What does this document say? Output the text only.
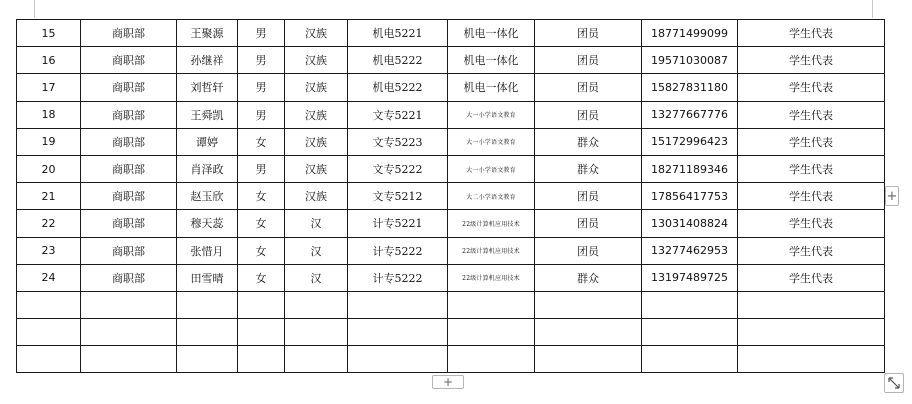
15	商职部	王聚源	男	汉族	机电5221	机电一体化	团员	18771499099	学生代表
16	商职部	孙继祥	男	汉族	机电5222	机电一体化	团员	19571030087	学生代表
17	商职部	刘哲轩	男	汉族	机电5222	机电一体化	团员	15827831180	学生代表
18	商职部	王舜凯	男	汉族	文专5221	大一小学语文教育	团员	13277667776	学生代表
19	商职部	谭婷	女	汉族	文专5223	大一小学语文教育	群众	15172996423	学生代表
20	商职部	肖泽政	男	汉族	文专5222	大一小学语文教育	群众	18271189346	学生代表
21	商职部	赵玉欣	女	汉族	文专5212	大二小学语文教育	团员	17856417753	学生代表
22	商职部	穆天蕊	女	汉	计专5221	22级计算机应用技术	团员	13031408824	学生代表
23	商职部	张惜月	女	汉	计专5222	22级计算机应用技术	团员	13277462953	学生代表
24	商职部	田雪晴	女	汉	计专5222	22级计算机应用技术	群众	13197489725	学生代表

+
+
